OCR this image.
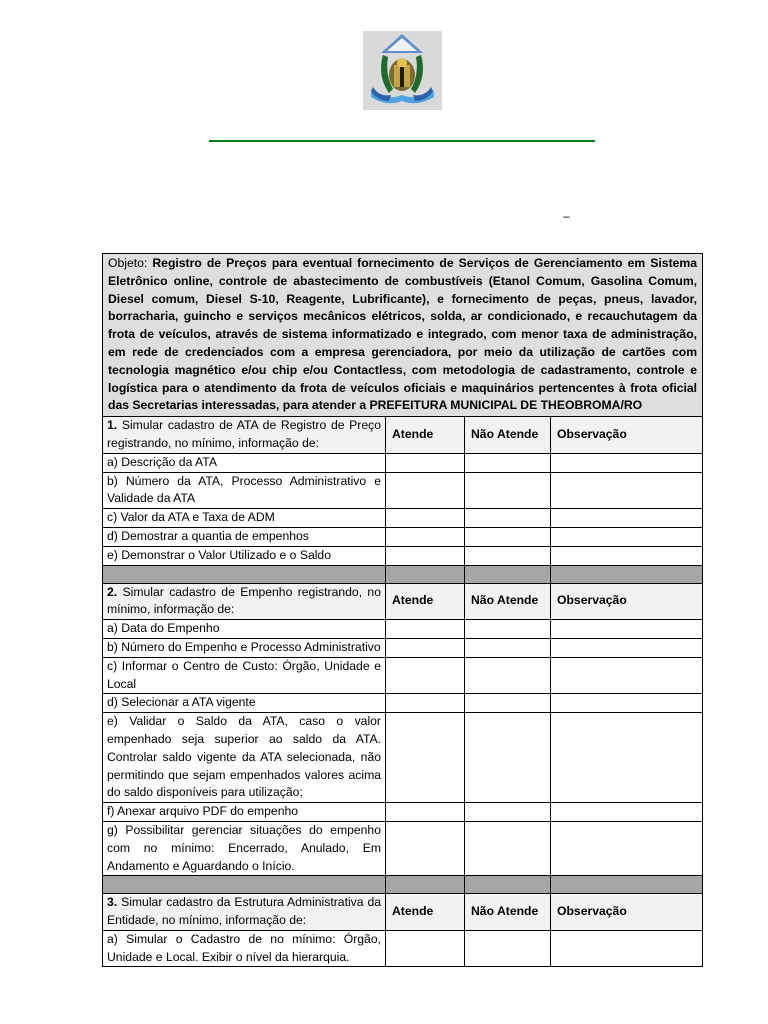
–
Objeto: Registro de Preços para eventual fornecimento de Serviços de Gerenciamento em Sistema Eletrônico online, controle de abastecimento de combustíveis (Etanol Comum, Gasolina Comum, Diesel comum, Diesel S-10, Reagente, Lubrificante), e fornecimento de peças, pneus, lavador, borracharia, guincho e serviços mecânicos elétricos, solda, ar condicionado, e recauchutagem da frota de veículos, através de sistema informatizado e integrado, com menor taxa de administração, em rede de credenciados com a empresa gerenciadora, por meio da utilização de cartões com tecnologia magnético e/ou chip e/ou Contactless, com metodologia de cadastramento, controle e logística para o atendimento da frota de veículos oficiais e maquinários pertencentes à frota oficial das Secretarias interessadas, para atender a PREFEITURA MUNICIPAL DE THEOBROMA/RO			
1. Simular cadastro de ATA de Registro de Preço registrando, no mínimo, informação de:	Atende	Não Atende	Observação
a) Descrição da ATA			
b) Número da ATA, Processo Administrativo e Validade da ATA			
c) Valor da ATA e Taxa de ADM			
d) Demostrar a quantia de empenhos			
e) Demonstrar o Valor Utilizado e o Saldo			

2. Simular cadastro de Empenho registrando, no mínimo, informação de:	Atende	Não Atende	Observação
a) Data do Empenho			
b) Número do Empenho e Processo Administrativo			
c) Informar o Centro de Custo: Órgão, Unidade e Local			
d) Selecionar a ATA vigente			
e) Validar o Saldo da ATA, caso o valor empenhado seja superior ao saldo da ATA. Controlar saldo vigente da ATA selecionada, não permitindo que sejam empenhados valores acima do saldo disponíveis para utilização;			
f) Anexar arquivo PDF do empenho			
g) Possibilitar gerenciar situações do empenho com no mínimo: Encerrado, Anulado, Em Andamento e Aguardando o Início.			

3. Simular cadastro da Estrutura Administrativa da Entidade, no mínimo, informação de:	Atende	Não Atende	Observação
a) Simular o Cadastro de no mínimo: Órgão, Unidade e Local. Exibir o nível da hierarquia.			
